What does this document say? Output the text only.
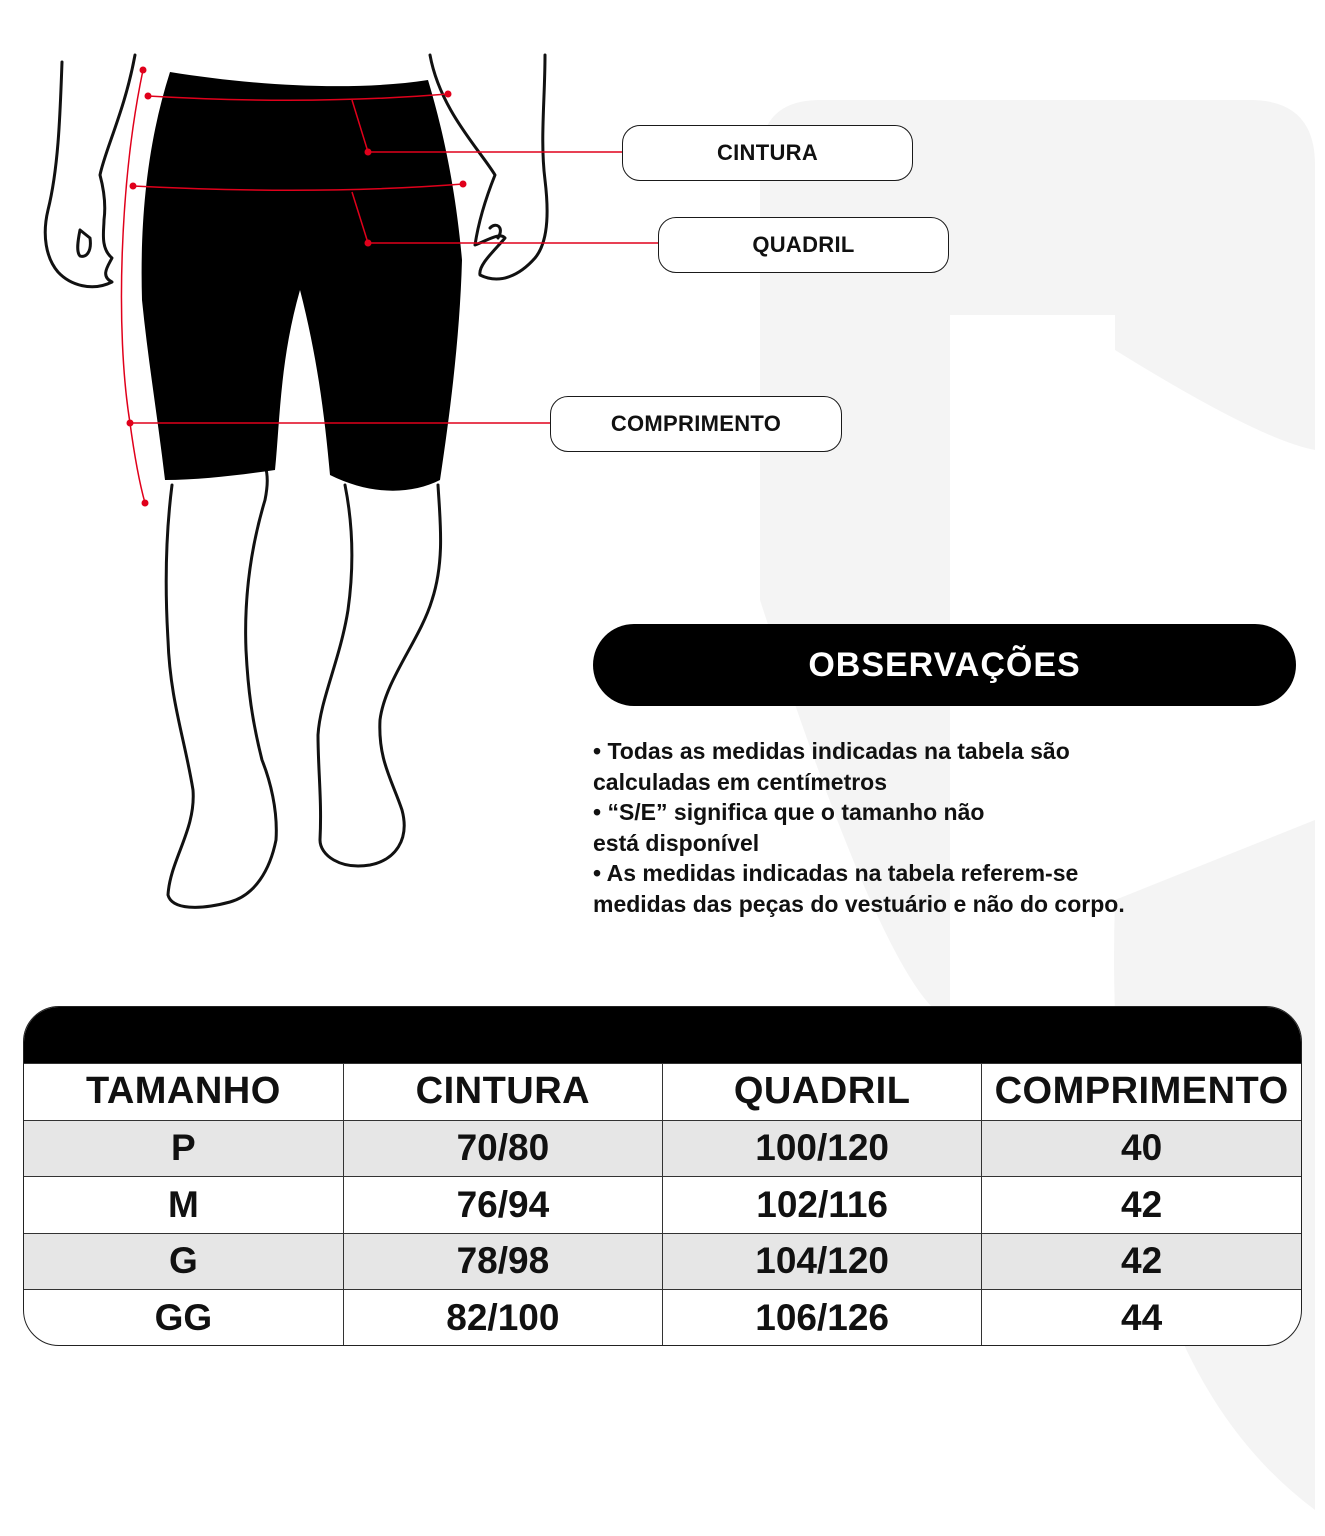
CINTURA
QUADRIL
COMPRIMENTO
OBSERVAÇÕES

• Todas as medidas indicadas na tabela são
calculadas em centímetros

• “S/E” significa que o tamanho não
está disponível

• As medidas indicadas na tabela referem-se
medidas das peças do vestuário e não do corpo.

TAMANHO	CINTURA	QUADRIL	COMPRIMENTO
P	70/80	100/120	40
M	76/94	102/116	42
G	78/98	104/120	42
GG	82/100	106/126	44
